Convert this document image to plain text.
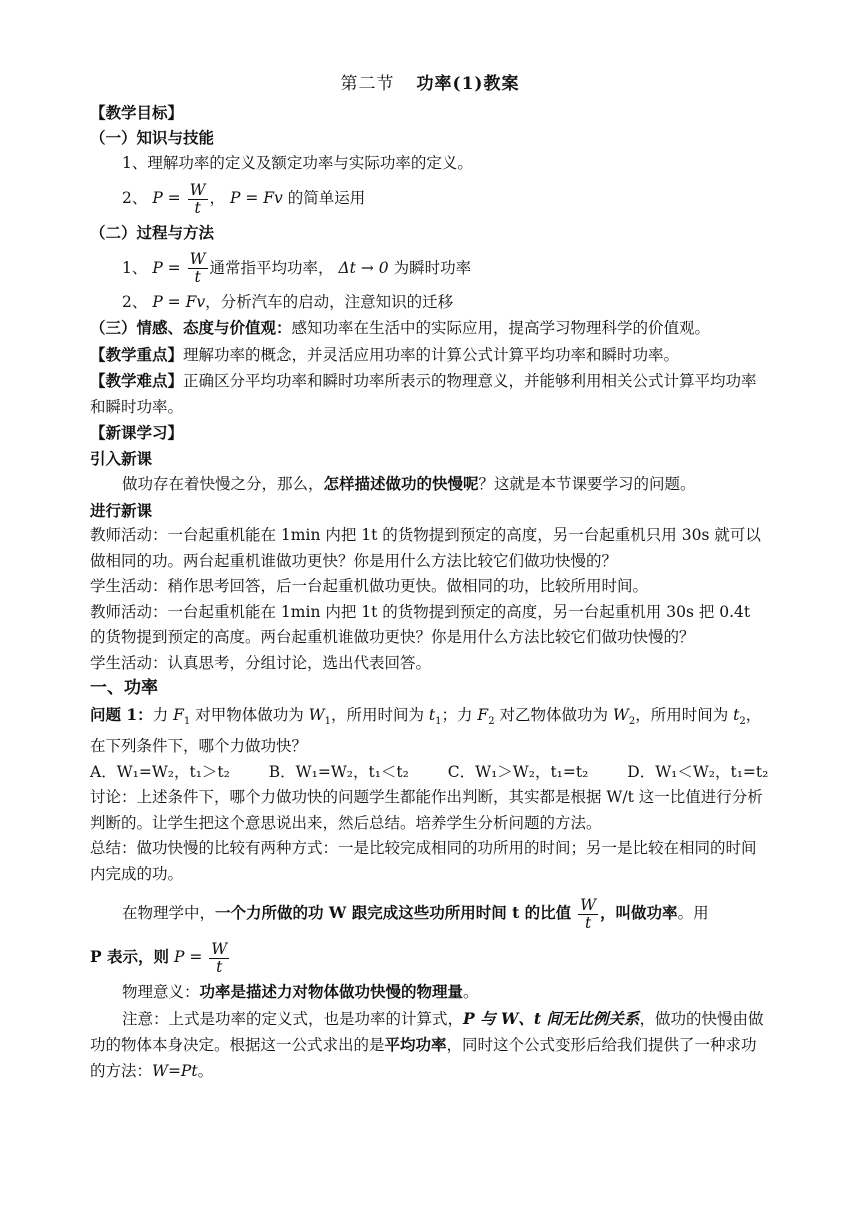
第二节 功率(1)教案
【教学目标】
（一）知识与技能
1、理解功率的定义及额定功率与实际功率的定义。
2、 $P = \frac{W}{t}$ ， P = Fv 的简单运用
（二）过程与方法
1、 $P = \frac{W}{t}$ 通常指平均功率， Δt → 0 为瞬时功率
2、 P = Fv，分析汽车的启动，注意知识的迁移
（三）情感、态度与价值观：感知功率在生活中的实际应用，提高学习物理科学的价值观。
【教学重点】理解功率的概念，并灵活应用功率的计算公式计算平均功率和瞬时功率。
【教学难点】正确区分平均功率和瞬时功率所表示的物理意义，并能够利用相关公式计算平均功率和瞬时功率。
【新课学习】
引入新课
做功存在着快慢之分，那么，怎样描述做功的快慢呢？这就是本节课要学习的问题。
进行新课
教师活动：一台起重机能在 1min 内把 1t 的货物提到预定的高度，另一台起重机只用 30s 就可以做相同的功。两台起重机谁做功更快？你是用什么方法比较它们做功快慢的？
学生活动：稍作思考回答，后一台起重机做功更快。做相同的功，比较所用时间。
教师活动：一台起重机能在 1min 内把 1t 的货物提到预定的高度，另一台起重机用 30s 把 0.4t 的货物提到预定的高度。两台起重机谁做功更快？你是用什么方法比较它们做功快慢的？
学生活动：认真思考，分组讨论，选出代表回答。
一、功率
问题 1：力 $F_1$ 对甲物体做功为 $W_1$，所用时间为 $t_1$；力 $F_2$ 对乙物体做功为 $W_2$，所用时间为 $t_2$，在下列条件下，哪个力做功快？
A．W₁=W₂，t₁＞t₂	B．W₁=W₂，t₁＜t₂	C．W₁＞W₂，t₁=t₂	D．W₁＜W₂，t₁=t₂
讨论：上述条件下，哪个力做功快的问题学生都能作出判断，其实都是根据 W/t 这一比值进行分析判断的。让学生把这个意思说出来，然后总结。培养学生分析问题的方法。
总结：做功快慢的比较有两种方式：一是比较完成相同的功所用的时间；另一是比较在相同的时间内完成的功。
在物理学中，一个力所做的功 W 跟完成这些功所用时间 t 的比值 $\frac{W}{t}$ ，叫做功率。用
P 表示，则 $P = \frac{W}{t}$
物理意义：功率是描述力对物体做功快慢的物理量。
注意：上式是功率的定义式，也是功率的计算式，P 与 W、t 间无比例关系，做功的快慢由做功的物体本身决定。根据这一公式求出的是平均功率，同时这个公式变形后给我们提供了一种求功的方法：W=Pt。
